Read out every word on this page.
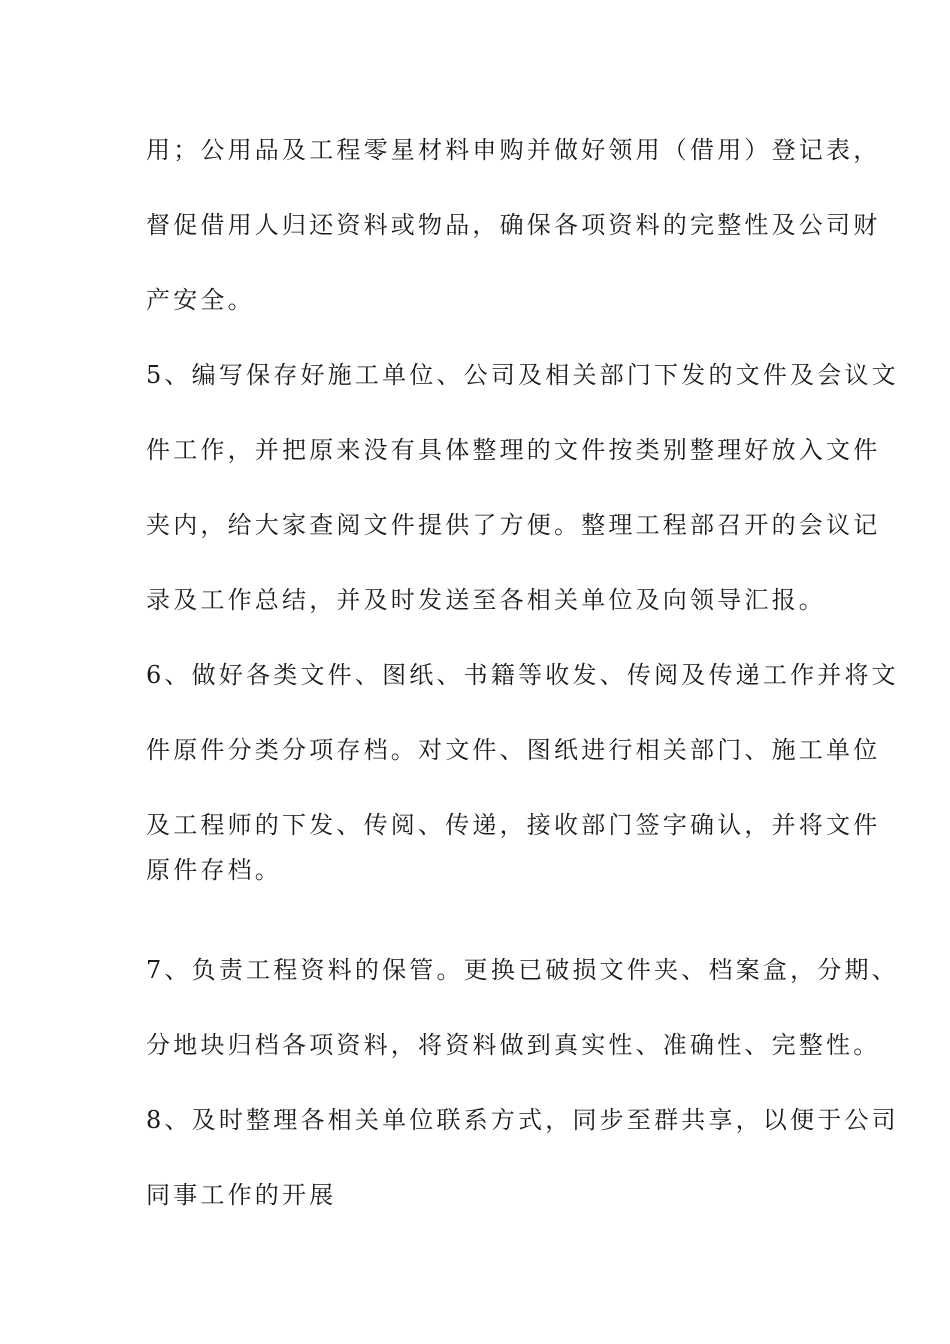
用；公用品及工程零星材料申购并做好领用（借用）登记表，
督促借用人归还资料或物品，确保各项资料的完整性及公司财
产安全。
5、编写保存好施工单位、公司及相关部门下发的文件及会议文
件工作，并把原来没有具体整理的文件按类别整理好放入文件
夹内，给大家查阅文件提供了方便。整理工程部召开的会议记
录及工作总结，并及时发送至各相关单位及向领导汇报。
6、做好各类文件、图纸、书籍等收发、传阅及传递工作并将文
件原件分类分项存档。对文件、图纸进行相关部门、施工单位
及工程师的下发、传阅、传递，接收部门签字确认，并将文件
原件存档。
7、负责工程资料的保管。更换已破损文件夹、档案盒，分期、
分地块归档各项资料，将资料做到真实性、准确性、完整性。
8、及时整理各相关单位联系方式，同步至群共享，以便于公司
同事工作的开展
